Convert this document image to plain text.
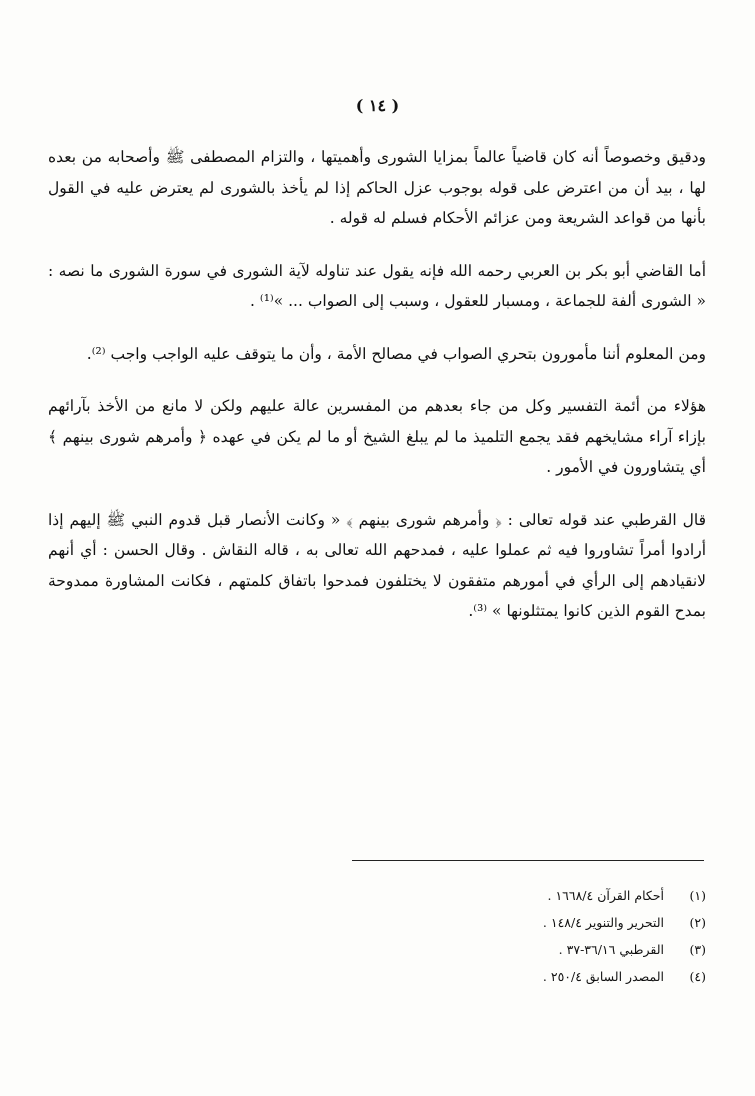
( ١٤ )

ودقيق وخصوصاً أنه كان قاضياً عالماً بمزايا الشورى وأهميتها ، والتزام المصطفى ﷺ وأصحابه من بعده لها ، بيد أن من اعترض على قوله بوجوب عزل الحاكم إذا لم يأخذ بالشورى لم يعترض عليه في القول بأنها من قواعد الشريعة ومن عزائم الأحكام فسلم له قوله .

أما القاضي أبو بكر بن العربي رحمه الله فإنه يقول عند تناوله لآية الشورى في سورة الشورى ما نصه : « الشورى ألفة للجماعة ، ومسبار للعقول ، وسبب إلى الصواب ... »⁽¹⁾ .

ومن المعلوم أننا مأمورون بتحري الصواب في مصالح الأمة ، وأن ما يتوقف عليه الواجب واجب ⁽²⁾.

هؤلاء من أئمة التفسير وكل من جاء بعدهم من المفسرين عالة عليهم ولكن لا مانع من الأخذ بآرائهم بإزاء آراء مشايخهم فقد يجمع التلميذ ما لم يبلغ الشيخ أو ما لم يكن في عهده ﴿ وأمرهم شورى بينهم ﴾ أي يتشاورون في الأمور .

قال القرطبي عند قوله تعالى : ﴿ وأمرهم شورى بينهم ﴾ « وكانت الأنصار قبل قدوم النبي ﷺ إليهم إذا أرادوا أمراً تشاوروا فيه ثم عملوا عليه ، فمدحهم الله تعالى به ، قاله النقاش . وقال الحسن : أي أنهم لانقيادهم إلى الرأي في أمورهم متفقون لا يختلفون فمدحوا باتفاق كلمتهم ، فكانت المشاورة ممدوحة بمدح القوم الذين كانوا يمتثلونها » ⁽³⁾.

(١)
أحكام القرآن ١٦٦٨/٤ .
(٢)
التحرير والتنوير ١٤٨/٤ .
(٣)
القرطبي ٣٦/١٦-٣٧ .
(٤)
المصدر السابق ٢٥٠/٤ .
